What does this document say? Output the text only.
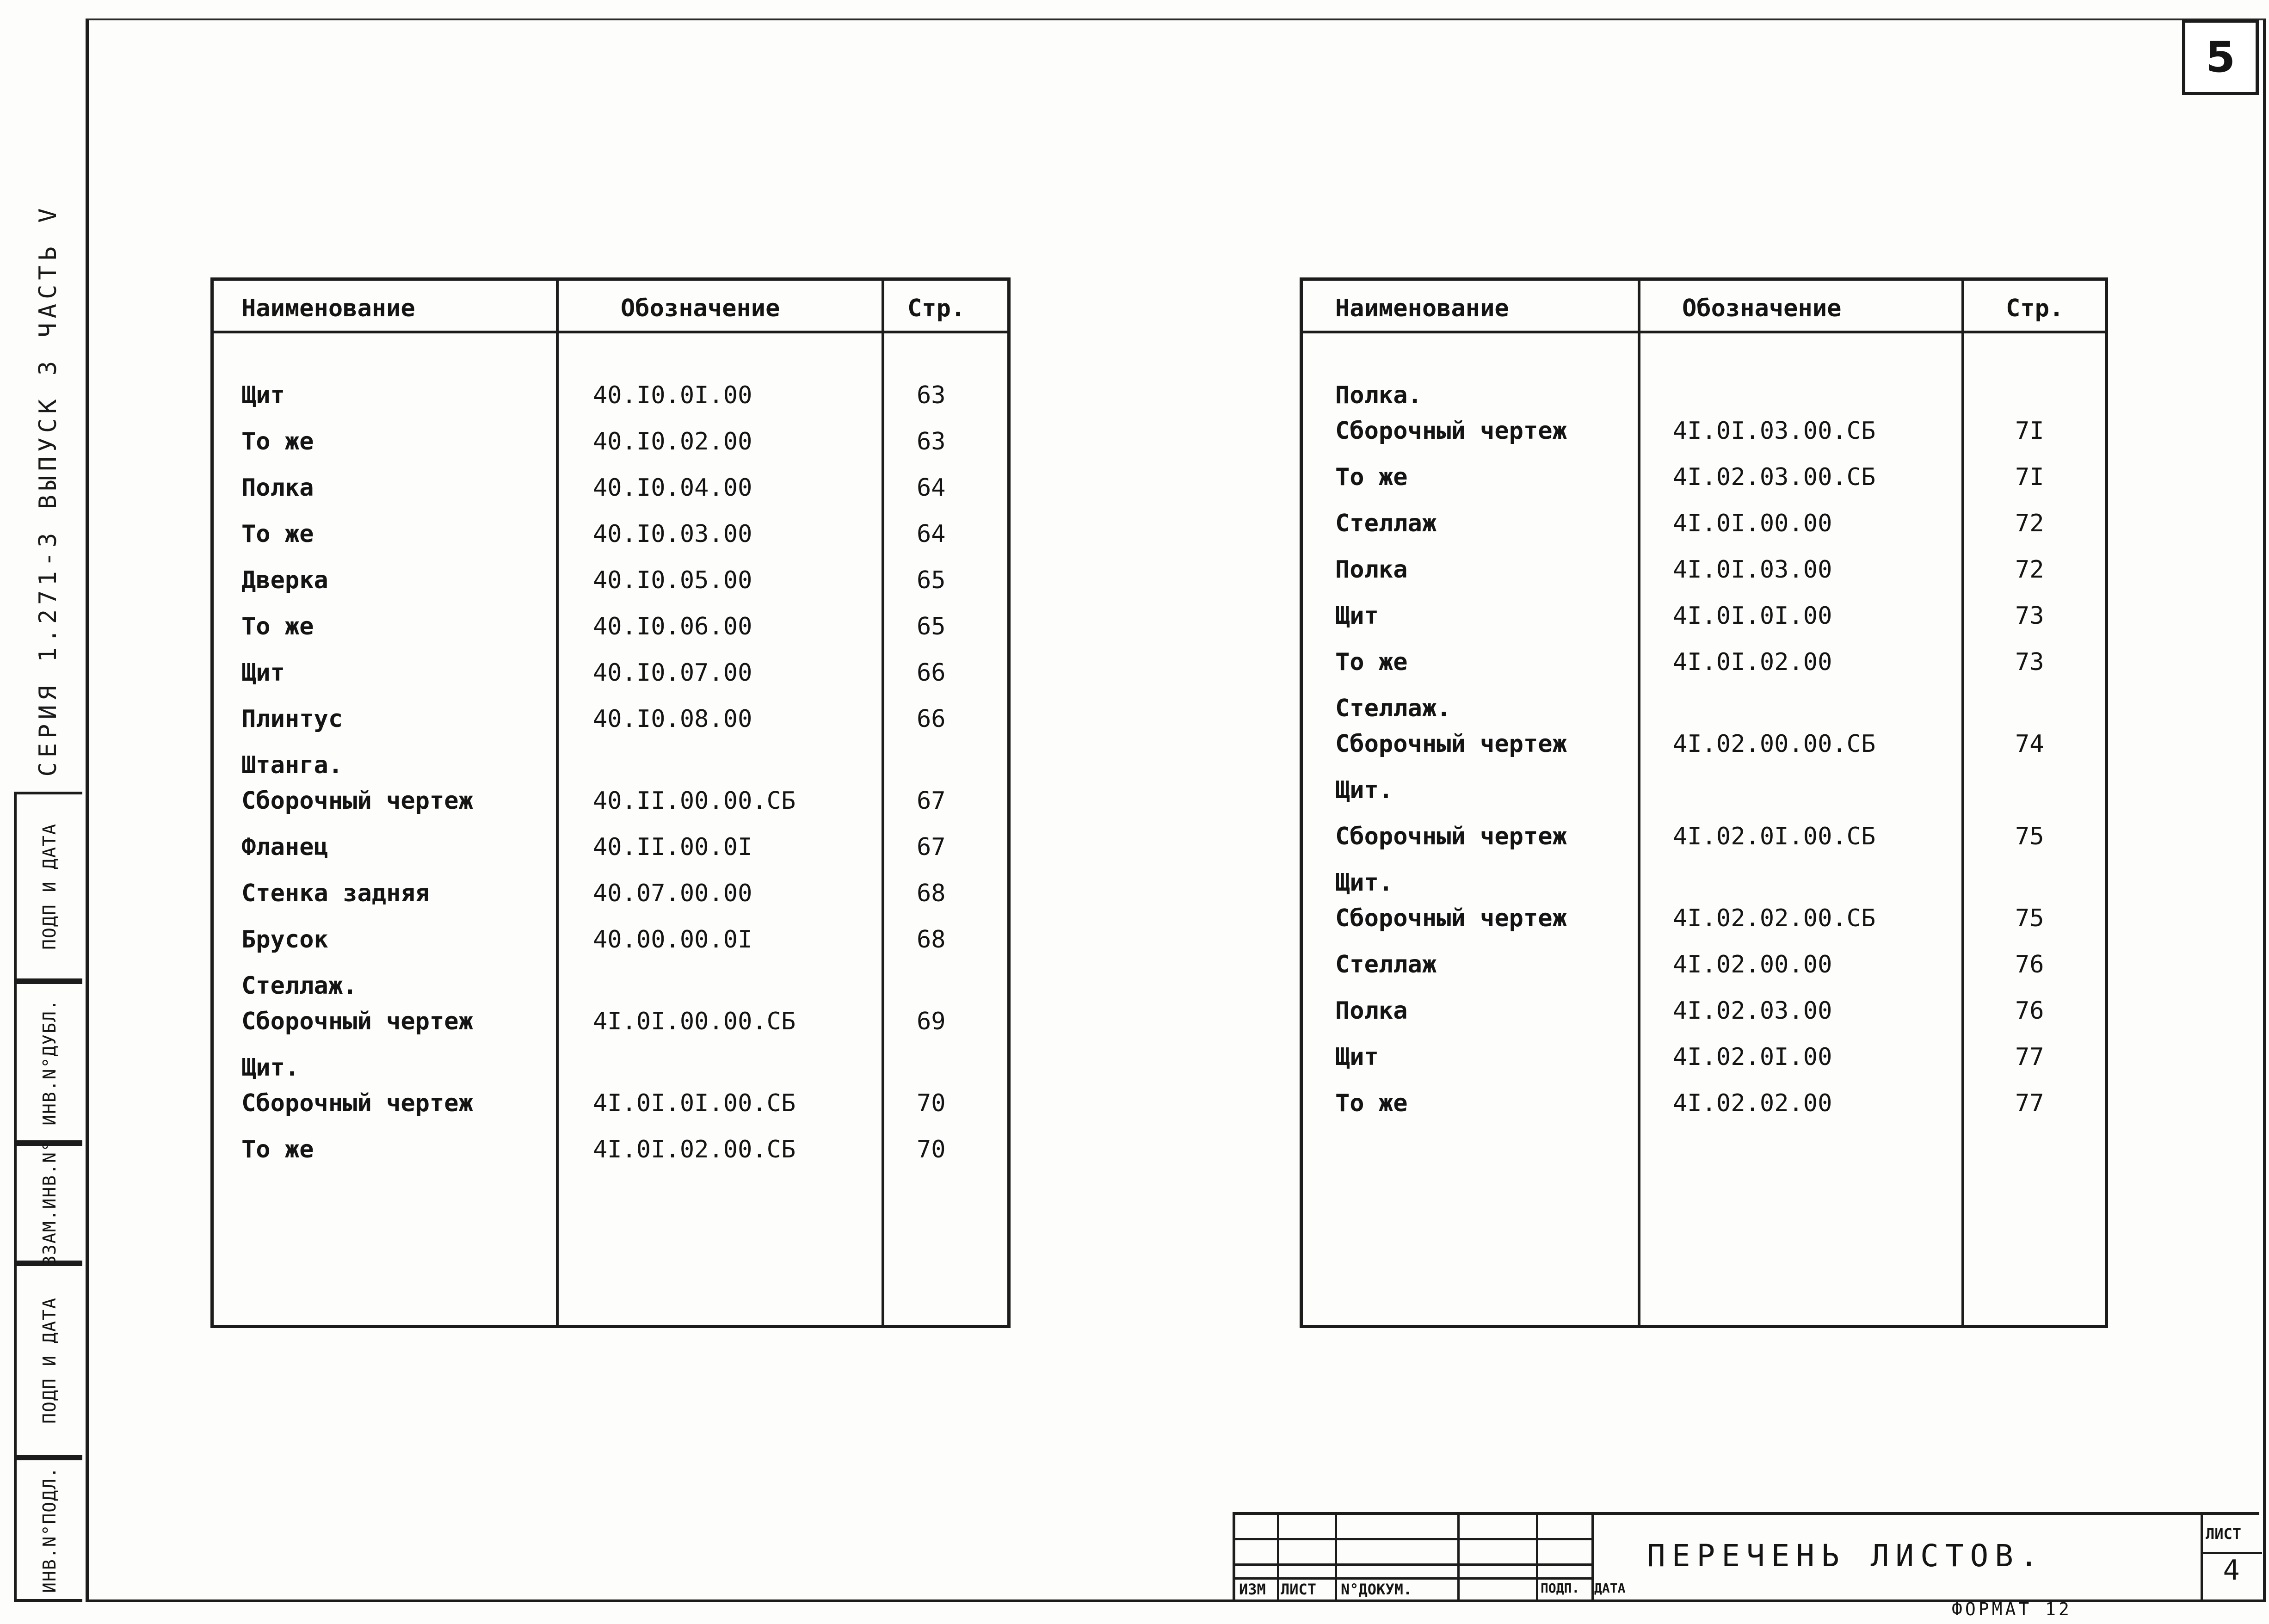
5
СЕРИЯ 1.271-3 ВЫПУСК 3 ЧАСТЬ V
ПОДП И ДАТА
ИНВ.N°ДУБЛ.
ВЗАМ.ИНВ.N°
ПОДП И ДАТА
ИНВ.N°ПОДЛ.
Наименование	Обозначение	Стр.
Щит	40.I0.0I.00	63
То же	40.I0.02.00	63
Полка	40.I0.04.00	64
То же	40.I0.03.00	64
Дверка	40.I0.05.00	65
То же	40.I0.06.00	65
Щит	40.I0.07.00	66
Плинтус	40.I0.08.00	66
Штанга.
Сборочный чертеж	40.II.00.00.СБ	67
Фланец	40.II.00.0I	67
Стенка задняя	40.07.00.00	68
Брусок	40.00.00.0I	68
Стеллаж.
Сборочный чертеж	4I.0I.00.00.СБ	69
Щит.
Сборочный чертеж	4I.0I.0I.00.СБ	70
То же	4I.0I.02.00.СБ	70
Наименование	Обозначение	Стр.
Полка.
Сборочный чертеж	4I.0I.03.00.СБ	7I
То же	4I.02.03.00.СБ	7I
Стеллаж	4I.0I.00.00	72
Полка	4I.0I.03.00	72
Щит	4I.0I.0I.00	73
То же	4I.0I.02.00	73
Стеллаж.
Сборочный чертеж	4I.02.00.00.СБ	74
Щит.
Сборочный чертеж	4I.02.0I.00.СБ	75
Щит.
Сборочный чертеж	4I.02.02.00.СБ	75
Стеллаж	4I.02.00.00	76
Полка	4I.02.03.00	76
Щит	4I.02.0I.00	77
То же	4I.02.02.00	77
ИЗМ ЛИСТ N°ДОКУМ.	ПОДП. ДАТА
ПЕРЕЧЕНЬ ЛИСТОВ.
ЛИСТ
4
ФОРМАТ 12
